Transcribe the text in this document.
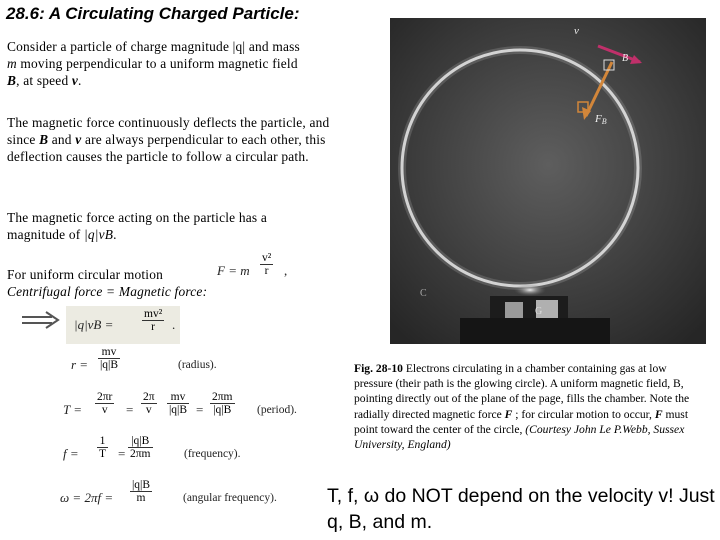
28.6: A Circulating Charged Particle:
Consider a particle of charge magnitude |q| and mass
m moving perpendicular to a uniform magnetic field
B, at speed v.
The magnetic force continuously deflects the particle, and since B and v are always perpendicular to each other, this deflection causes the particle to follow a circular path.
The magnetic force acting on the particle has a magnitude of |q|vB.
For uniform circular motion
Centrifugal force = Magnetic force:
F = m
v²
r	,
|q|vB =
mv²
r	.
r =
mv
|q|B	(radius).
T =
2πr
v	=
2π
v
mv
|q|B =
2πm
|q|B (period).
f =
1
T =
|q|B
2πm	(frequency).
ω = 2πf =
|q|B
m	(angular frequency).
C
G
v
FB
B
Fig. 28-10 Electrons circulating in a chamber containing gas at low pressure (their path is the glowing circle). A uniform magnetic field, B, pointing directly out of the plane of the page, fills the chamber. Note the radially directed magnetic force F ; for circular motion to occur, F must point toward the center of the circle, (Courtesy John Le P.Webb, Sussex University, England)
T, f, ω do NOT depend on the velocity v! Just q, B, and m.
